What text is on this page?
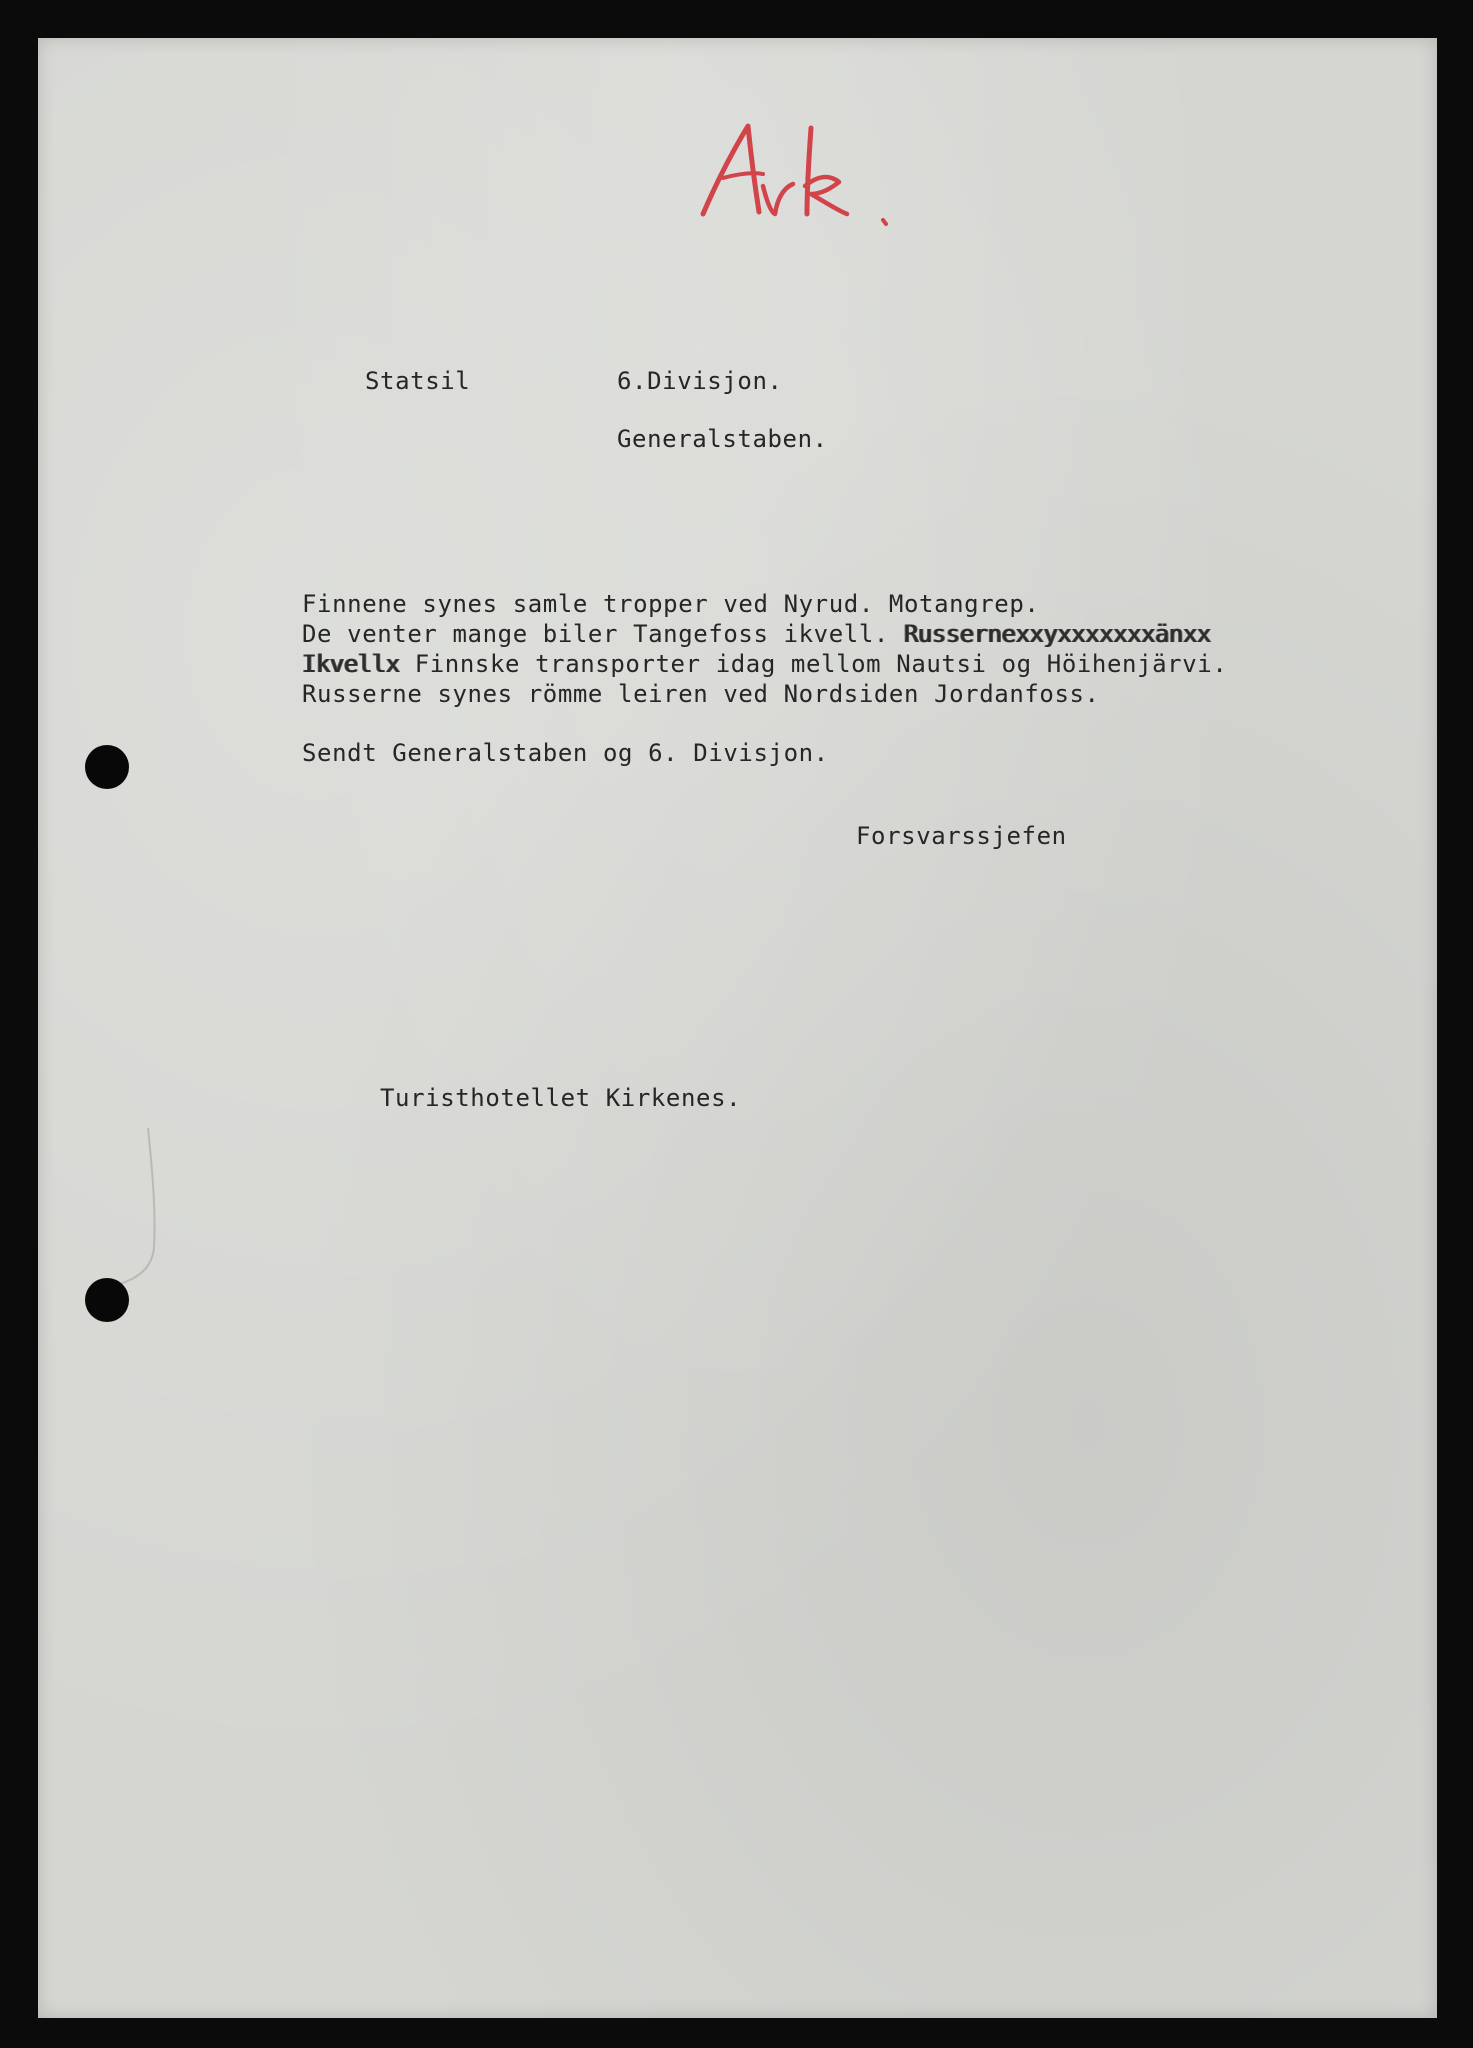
Statsil	6.Divisjon.
Generalstaben.
Finnene synes samle tropper ved Nyrud. Motangrep.
De venter mange biler Tangefoss ikvell. Russernexxyxxxxxxxänxx
Ikvellx Finnske transporter idag mellom Nautsi og Höihenjärvi.
Russerne synes römme leiren ved Nordsiden Jordanfoss.
Sendt Generalstaben og 6. Divisjon.
Forsvarssjefen
Turisthotellet Kirkenes.
